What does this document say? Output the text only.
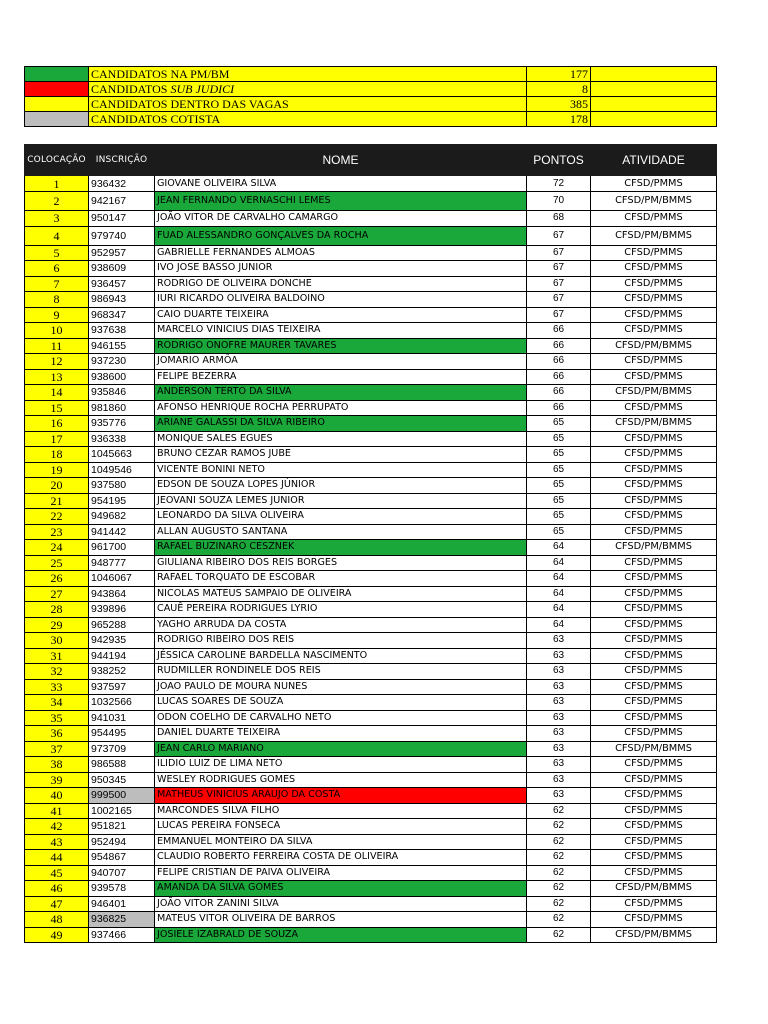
	CANDIDATOS NA PM/BM	177	
	CANDIDATOS SUB JUDICI	8	
	CANDIDATOS DENTRO DAS VAGAS	385	
	CANDIDATOS COTISTA	178	
COLOCAÇÃO	INSCRIÇÃO	NOME	PONTOS	ATIVIDADE
1	936432	GIOVANE OLIVEIRA SILVA	72	CFSD/PMMS
2	942167	JEAN FERNANDO VERNASCHI LEMES	70	CFSD/PM/BMMS
3	950147	JOÃO VITOR DE CARVALHO CAMARGO	68	CFSD/PMMS
4	979740	FUAD ALESSANDRO GONÇALVES DA ROCHA	67	CFSD/PM/BMMS
5	952957	GABRIELLE FERNANDES ALMOAS	67	CFSD/PMMS
6	938609	IVO JOSE BASSO JUNIOR	67	CFSD/PMMS
7	936457	RODRIGO DE OLIVEIRA DONCHE	67	CFSD/PMMS
8	986943	IURI RICARDO OLIVEIRA BALDOINO	67	CFSD/PMMS
9	968347	CAIO DUARTE TEIXEIRA	67	CFSD/PMMS
10	937638	MARCELO VINICIUS DIAS TEIXEIRA	66	CFSD/PMMS
11	946155	RODRIGO ONOFRE MAURER TAVARES	66	CFSD/PM/BMMS
12	937230	JOMARIO ARMÔA	66	CFSD/PMMS
13	938600	FELIPE BEZERRA	66	CFSD/PMMS
14	935846	ANDERSON TERTO DA SILVA	66	CFSD/PM/BMMS
15	981860	AFONSO HENRIQUE ROCHA PERRUPATO	66	CFSD/PMMS
16	935776	ARIANE GALASSI DA SILVA RIBEIRO	65	CFSD/PM/BMMS
17	936338	MONIQUE SALES EGUES	65	CFSD/PMMS
18	1045663	BRUNO CEZAR RAMOS JUBE	65	CFSD/PMMS
19	1049546	VICENTE BONINI NETO	65	CFSD/PMMS
20	937580	EDSON DE SOUZA LOPES JÚNIOR	65	CFSD/PMMS
21	954195	JEOVANI SOUZA LEMES JUNIOR	65	CFSD/PMMS
22	949682	LEONARDO DA SILVA OLIVEIRA	65	CFSD/PMMS
23	941442	ALLAN AUGUSTO SANTANA	65	CFSD/PMMS
24	961700	RAFAEL BUZINARO CESZNEK	64	CFSD/PM/BMMS
25	948777	GIULIANA RIBEIRO DOS REIS BORGES	64	CFSD/PMMS
26	1046067	RAFAEL TORQUATO DE ESCOBAR	64	CFSD/PMMS
27	943864	NICOLAS MATEUS SAMPAIO DE OLIVEIRA	64	CFSD/PMMS
28	939896	CAUÊ PEREIRA RODRIGUES LYRIO	64	CFSD/PMMS
29	965288	YAGHO ARRUDA DA COSTA	64	CFSD/PMMS
30	942935	RODRIGO RIBEIRO DOS REIS	63	CFSD/PMMS
31	944194	JÉSSICA CAROLINE BARDELLA NASCIMENTO	63	CFSD/PMMS
32	938252	RUDMILLER RONDINELE DOS REIS	63	CFSD/PMMS
33	937597	JOAO PAULO DE MOURA NUNES	63	CFSD/PMMS
34	1032566	LUCAS SOARES DE SOUZA	63	CFSD/PMMS
35	941031	ODON COELHO DE CARVALHO NETO	63	CFSD/PMMS
36	954495	DANIEL DUARTE TEIXEIRA	63	CFSD/PMMS
37	973709	JEAN CARLO MARIANO	63	CFSD/PM/BMMS
38	986588	ILIDIO LUIZ DE LIMA NETO	63	CFSD/PMMS
39	950345	WESLEY RODRIGUES GOMES	63	CFSD/PMMS
40	999500	MATHEUS VINICIUS ARAUJO DA COSTA	63	CFSD/PMMS
41	1002165	MARCONDES SILVA FILHO	62	CFSD/PMMS
42	951821	LUCAS PEREIRA FONSECA	62	CFSD/PMMS
43	952494	EMMANUEL MONTEIRO DA SILVA	62	CFSD/PMMS
44	954867	CLAUDIO ROBERTO FERREIRA COSTA DE OLIVEIRA	62	CFSD/PMMS
45	940707	FELIPE CRISTIAN DE PAIVA OLIVEIRA	62	CFSD/PMMS
46	939578	AMANDA DA SILVA GOMES	62	CFSD/PM/BMMS
47	946401	JOÃO VITOR ZANINI SILVA	62	CFSD/PMMS
48	936825	MATEUS VITOR OLIVEIRA DE BARROS	62	CFSD/PMMS
49	937466	JOSIELE IZABRALD DE SOUZA	62	CFSD/PM/BMMS
